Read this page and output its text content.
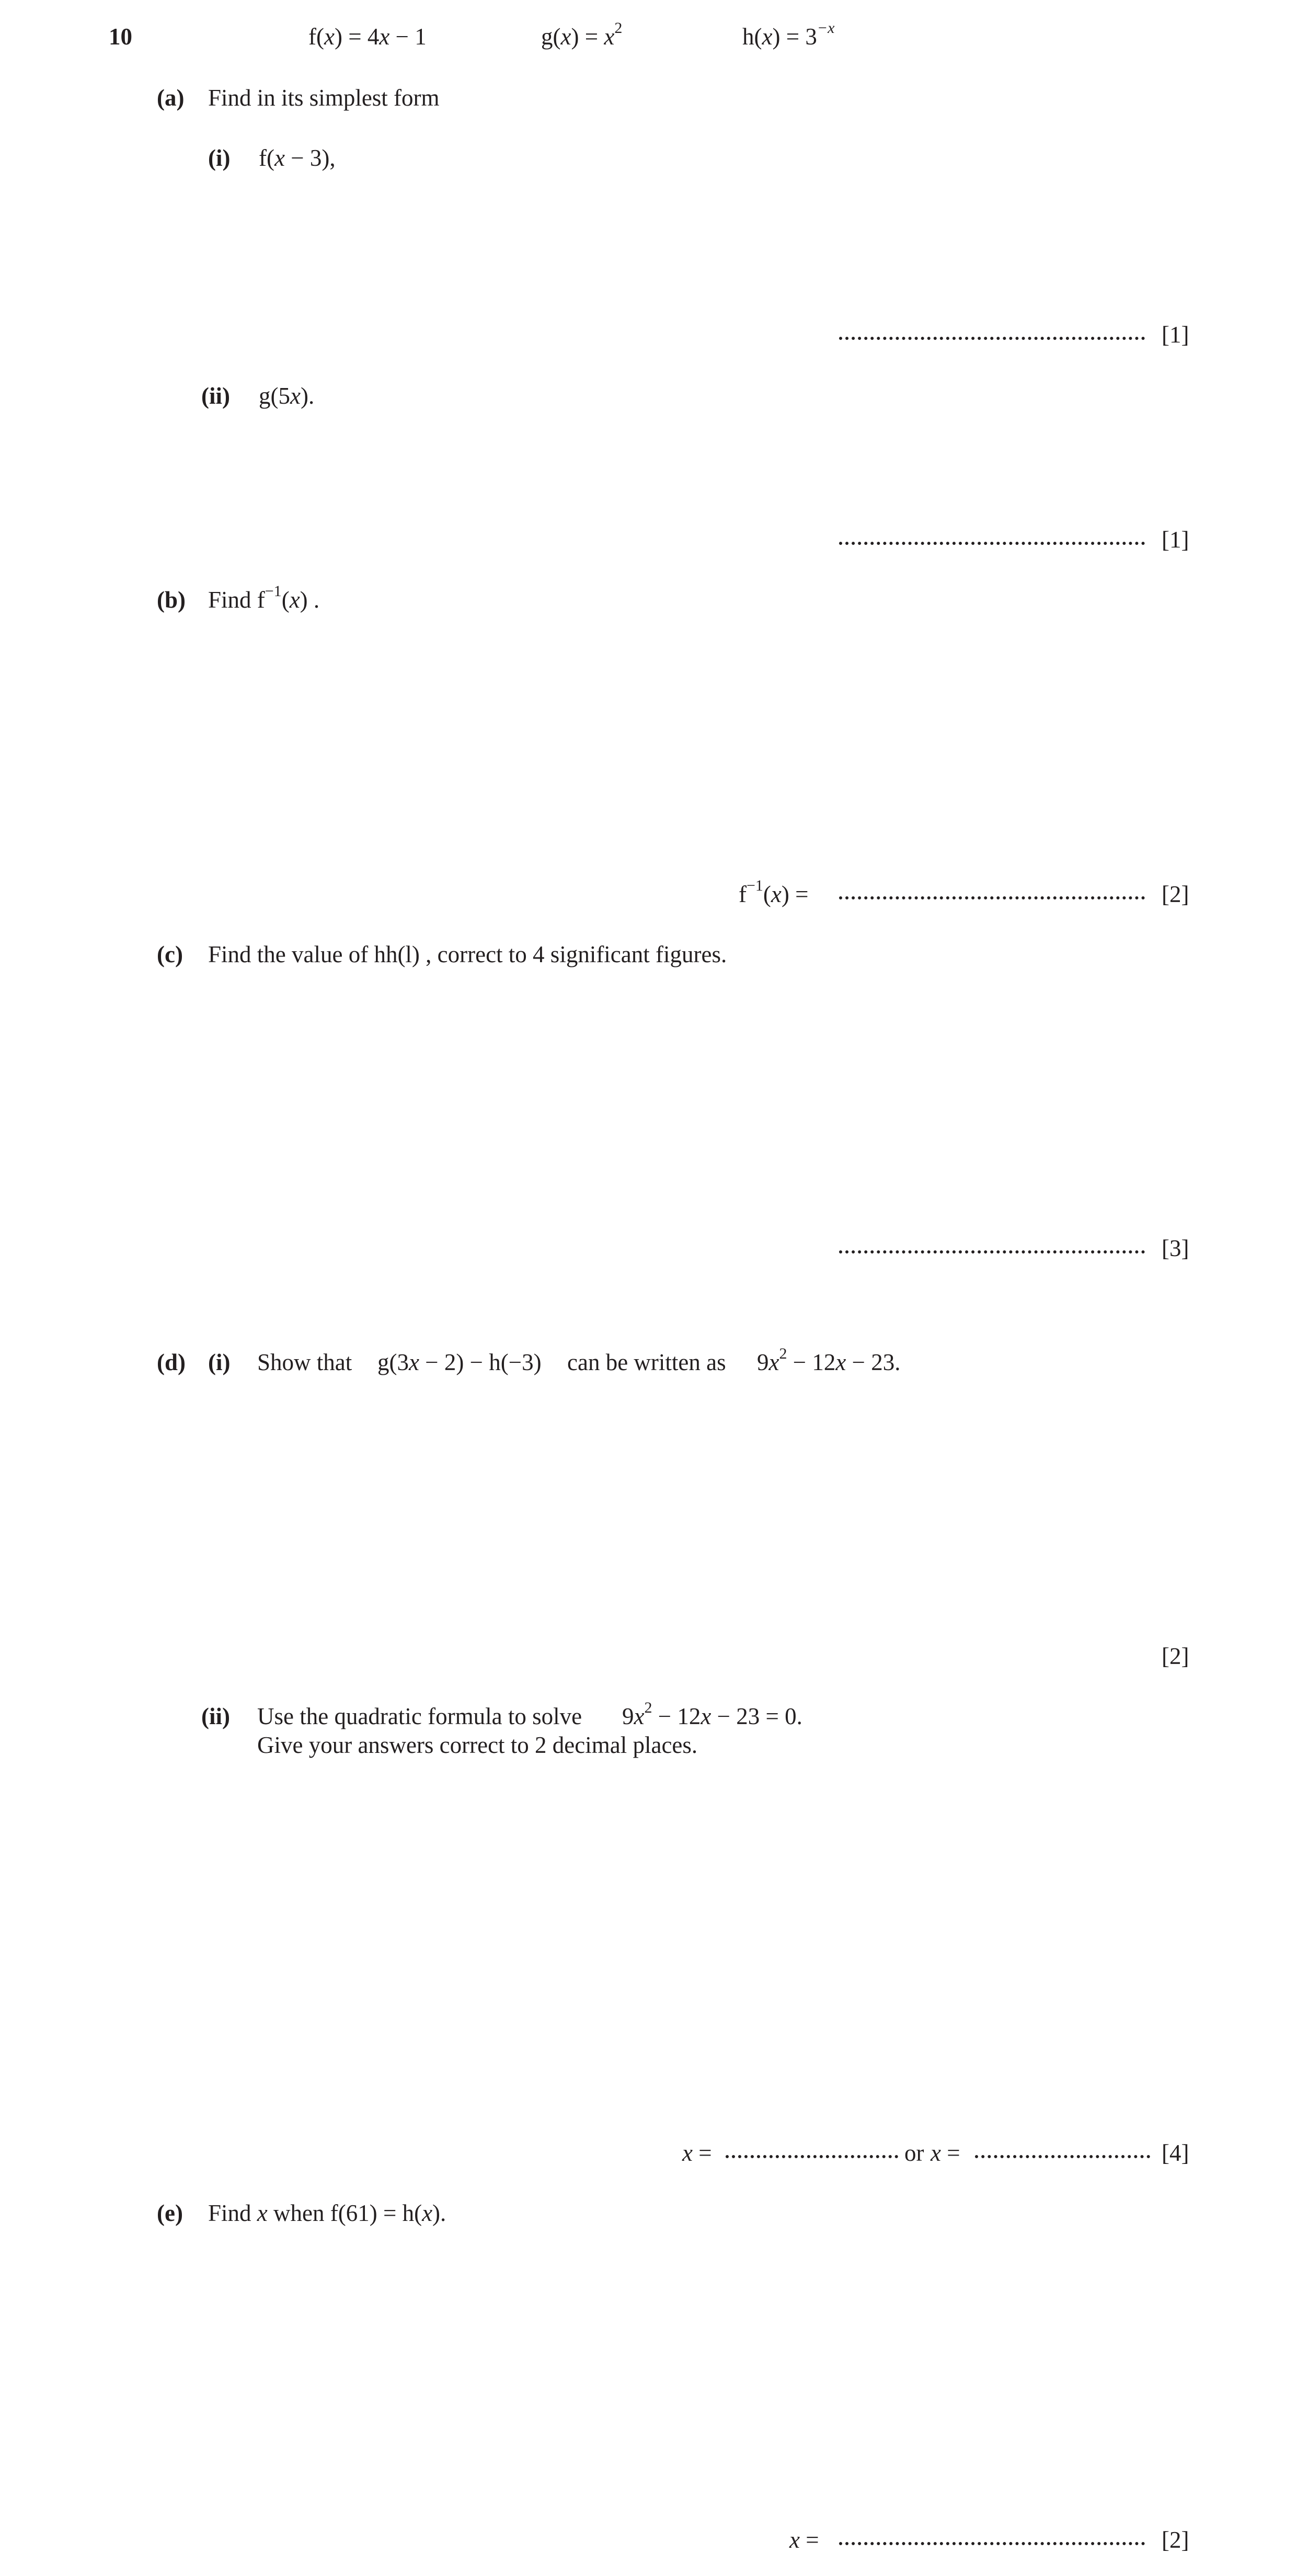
10	f(x) = 4x − 1	$g(x) = x^2$	$h(x) = 3^{-x}$
(a) Find in its simplest form
(i) f(x − 3),
[1]
(ii) g(5x).
[1]
(b) Find $f^{-1}(x)$ .
$f^{-1}(x)$ =	[2]
(c) Find the value of hh(l) , correct to 4 significant figures.
[3]
(d) (i) Show that g(3x − 2) − h(−3) can be written as $9x^2 - 12x - 23$.
[2]
(ii) Use the quadratic formula to solve $9x^2 - 12x - 23 = 0$.
Give your answers correct to 2 decimal places.
x =	or x =	[4]
(e) Find x when f(61) = h(x).
x =	[2]
